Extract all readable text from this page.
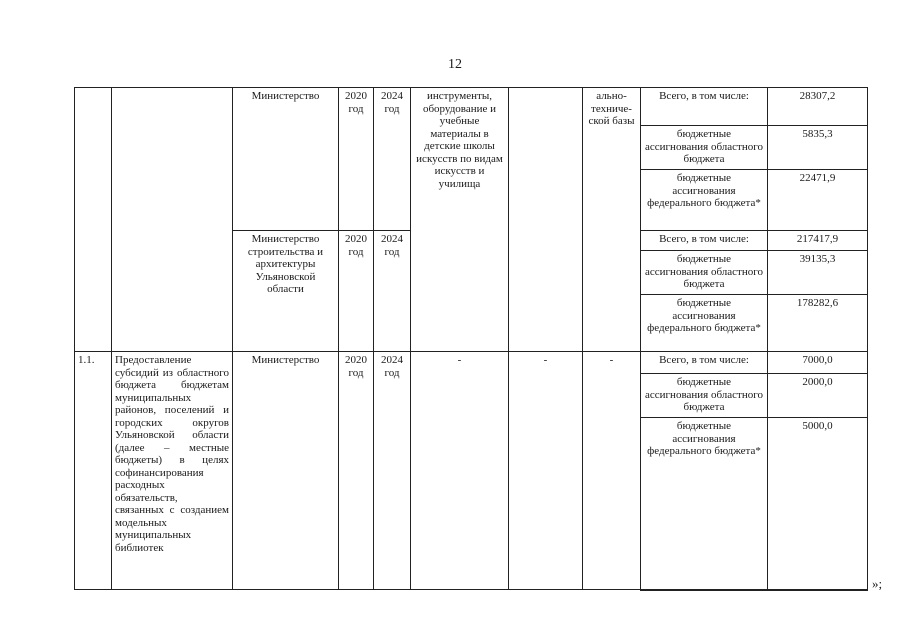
12
		Министерство	2020 год	2024 год	инструменты, оборудование и учебные материалы в детские школы искусств по видам искусств и училища		ально-техниче-ской базы	Всего, в том числе:	28307,2
								бюджетные ассигнования областного бюджета	5835,3
								бюджетные ассигнования федерального бюджета*	22471,9
		Министерство строительства и архитектуры Ульяновской области	2020 год	2024 год				Всего, в том числе:	217417,9
								бюджетные ассигнования областного бюджета	39135,3
								бюджетные ассигнования федерального бюджета*	178282,6
1.1.	Предоставление субсидий из областного бюджета бюджетам муниципальных районов, поселений и городских округов Ульяновской области (далее – местные бюджеты) в целях софинансирования расходных обязательств, связанных с созданием модельных муниципальных библиотек	Министерство	2020 год	2024 год	-	-	-	Всего, в том числе:	7000,0
								бюджетные ассигнования областного бюджета	2000,0
								бюджетные ассигнования федерального бюджета*	5000,0
»;
